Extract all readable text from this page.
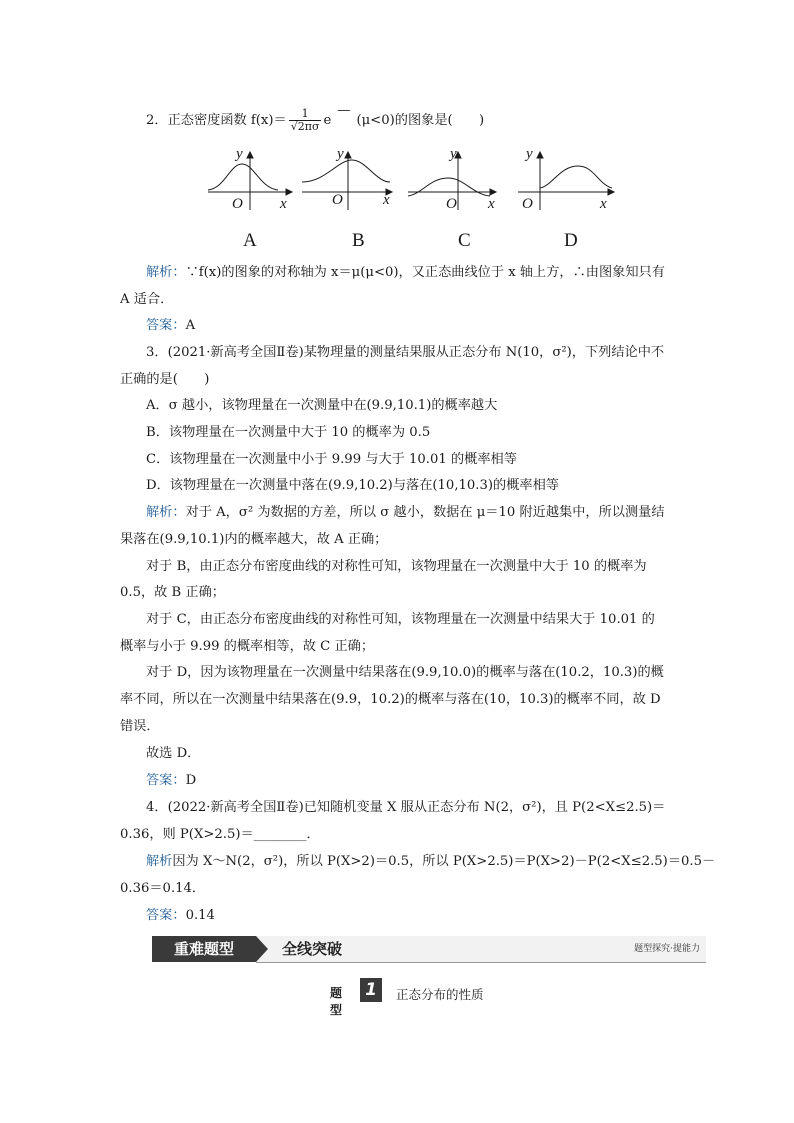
2．正态密度函数 $f(x)= \frac{1}{√2\pi\sigma}$ e—(μ<0)的图象是(　　)
y
O x
y
O	x
y
O x
y
O	x
A	B	C	D
解析：∵f(x)的图象的对称轴为 x＝μ(μ<0)，又正态曲线位于 x 轴上方，∴由图象知只有
A 适合．
答案：A
3．(2021·新高考全国Ⅱ卷)某物理量的测量结果服从正态分布 N(10，σ²)，下列结论中不
正确的是(　　)
A．σ 越小，该物理量在一次测量中在(9.9,10.1)的概率越大
B．该物理量在一次测量中大于 10 的概率为 0.5
C．该物理量在一次测量中小于 9.99 与大于 10.01 的概率相等
D．该物理量在一次测量中落在(9.9,10.2)与落在(10,10.3)的概率相等
解析：对于 A，σ² 为数据的方差，所以 σ 越小，数据在 μ＝10 附近越集中，所以测量结
果落在(9.9,10.1)内的概率越大，故 A 正确；
对于 B，由正态分布密度曲线的对称性可知，该物理量在一次测量中大于 10 的概率为
0.5，故 B 正确；
对于 C，由正态分布密度曲线的对称性可知，该物理量在一次测量中结果大于 10.01 的
概率与小于 9.99 的概率相等，故 C 正确；
对于 D，因为该物理量在一次测量中结果落在(9.9,10.0)的概率与落在(10.2，10.3)的概
率不同，所以在一次测量中结果落在(9.9，10.2)的概率与落在(10，10.3)的概率不同，故 D
错误．
故选 D．
答案：D
4．(2022·新高考全国Ⅱ卷)已知随机变量 X 服从正态分布 N(2，σ²)，且 P(2<X≤2.5)＝
0.36，则 P(X>2.5)＝________．
解析因为 X～N(2，σ²)，所以 P(X>2)＝0.5，所以 P(X>2.5)＝P(X>2)－P(2<X≤2.5)＝0.5－
0.36＝0.14．
答案：0.14
重难题型	全线突破	题型探究·提能力
题型
1	正态分布的性质
